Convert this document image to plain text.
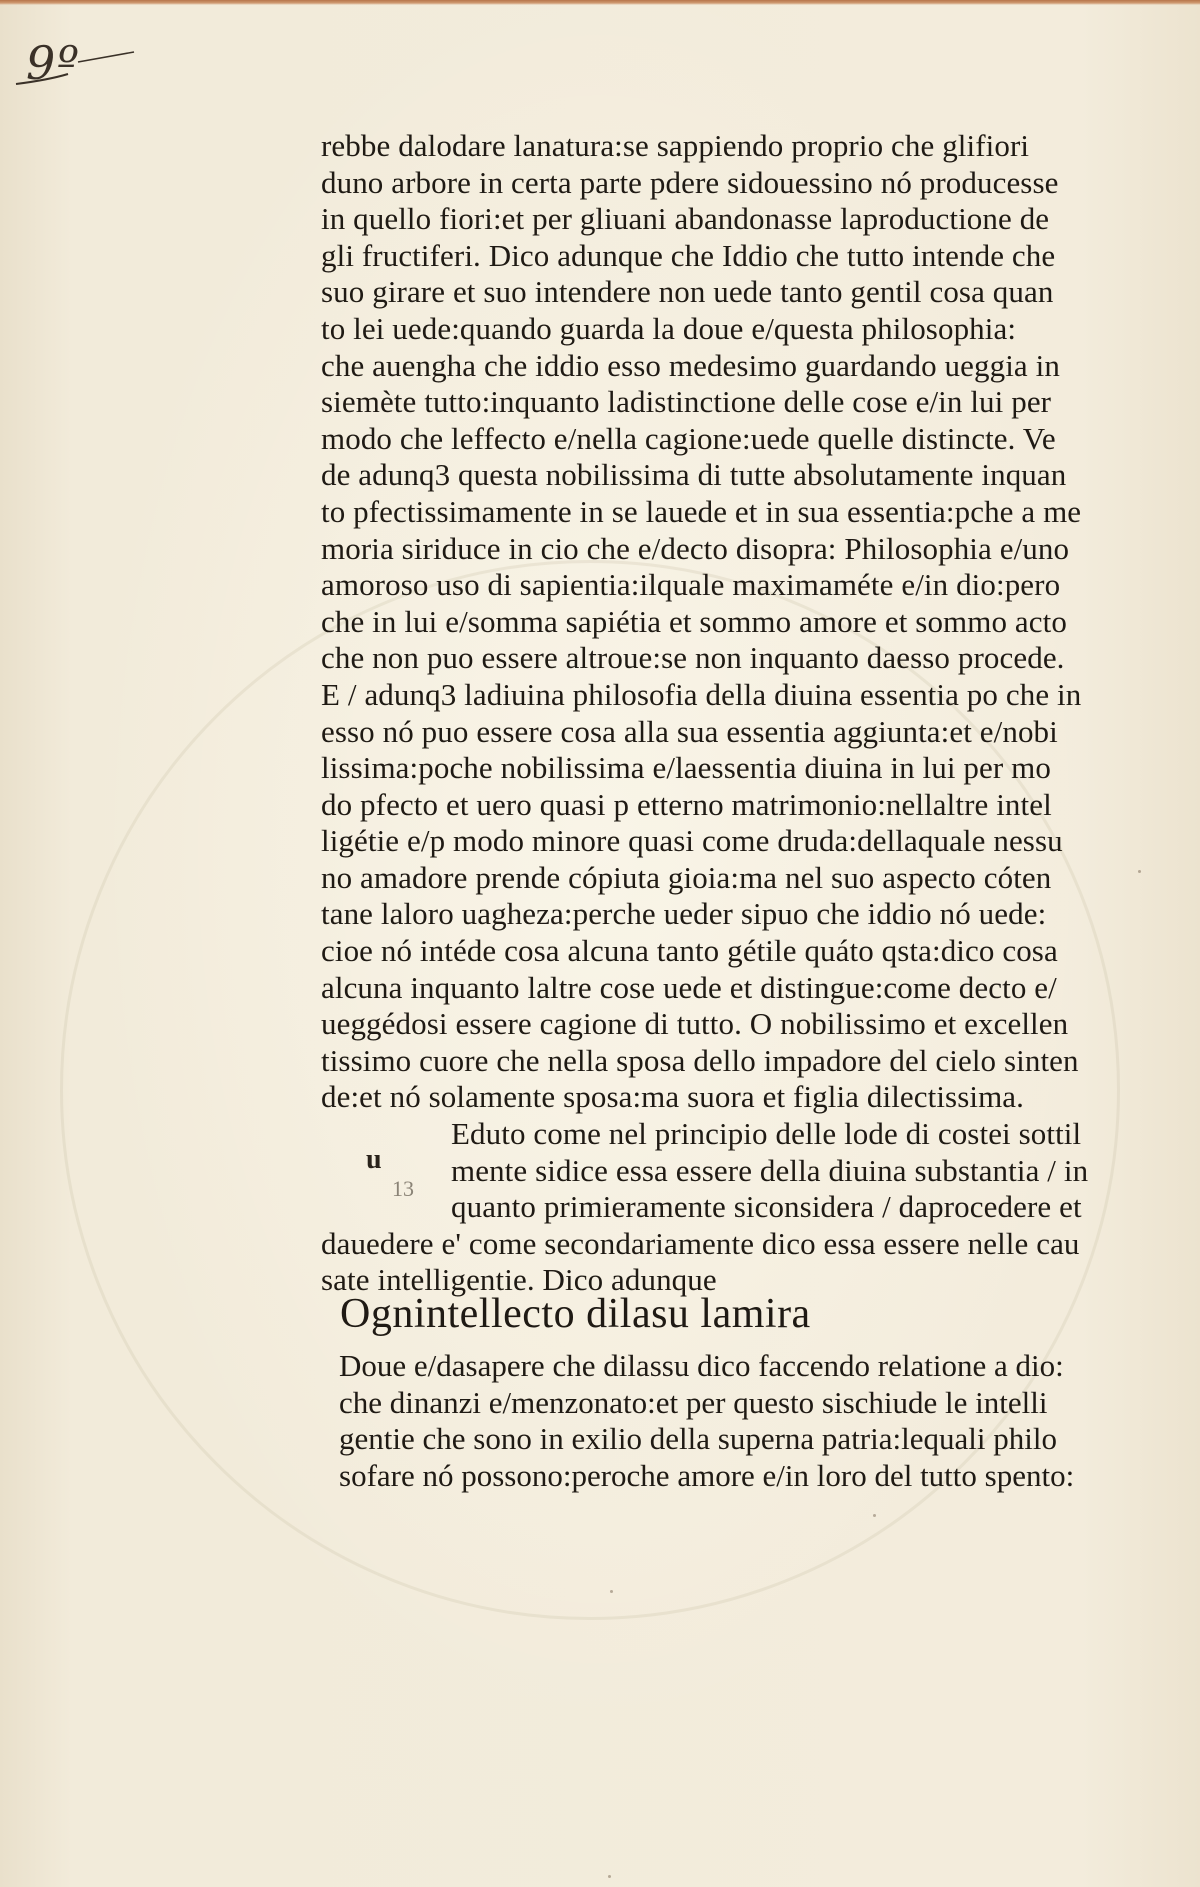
9º
rebbe dalodare lanatura:se sappiendo proprio che glifiori
duno arbore in certa parte pdere sidouessino nó producesse
in quello fiori:et per gliuani abandonasse laproductione de
gli fructiferi. Dico adunque che Iddio che tutto intende che
suo girare et suo intendere non uede tanto gentil cosa quan
to lei uede:quando guarda la doue e/questa philosophia:
che auengha che iddio esso medesimo guardando ueggia in
siemète tutto:inquanto ladistinctione delle cose e/in lui per
modo che leffecto e/nella cagione:uede quelle distincte. Ve
de adunq3 questa nobilissima di tutte absolutamente inquan
to pfectissimamente in se lauede et in sua essentia:pche a me
moria siriduce in cio che e/decto disopra: Philosophia e/uno
amoroso uso di sapientia:ilquale maximaméte e/in dio:pero
che in lui e/somma sapiétia et sommo amore et sommo acto
che non puo essere altroue:se non inquanto daesso procede.
E / adunq3 ladiuina philosofia della diuina essentia po che in
esso nó puo essere cosa alla sua essentia aggiunta:et e/nobi
lissima:poche nobilissima e/laessentia diuina in lui per mo
do pfecto et uero quasi p etterno matrimonio:nellaltre intel
ligétie e/p modo minore quasi come druda:dellaquale nessu
no amadore prende cópiuta gioia:ma nel suo aspecto cóten
tane laloro uagheza:perche ueder sipuo che iddio nó uede:
cioe nó intéde cosa alcuna tanto gétile quáto qsta:dico cosa
alcuna inquanto laltre cose uede et distingue:come decto e/
ueggédosi essere cagione di tutto. O nobilissimo et excellen
tissimo cuore che nella sposa dello impadore del cielo sinten
de:et nó solamente sposa:ma suora et figlia dilectissima.
Eduto come nel principio delle lode di costei sottil
mente sidice essa essere della diuina substantia / in
quanto primieramente siconsidera / daprocedere et
dauedere e' come secondariamente dico essa essere nelle cau
sate intelligentie. Dico adunque
u
13
Ognintellecto dilasu lamira
Doue e/dasapere che dilassu dico faccendo relatione a dio:
che dinanzi e/menzonato:et per questo sischiude le intelli
gentie che sono in exilio della superna patria:lequali philo
sofare nó possono:peroche amore e/in loro del tutto spento:
